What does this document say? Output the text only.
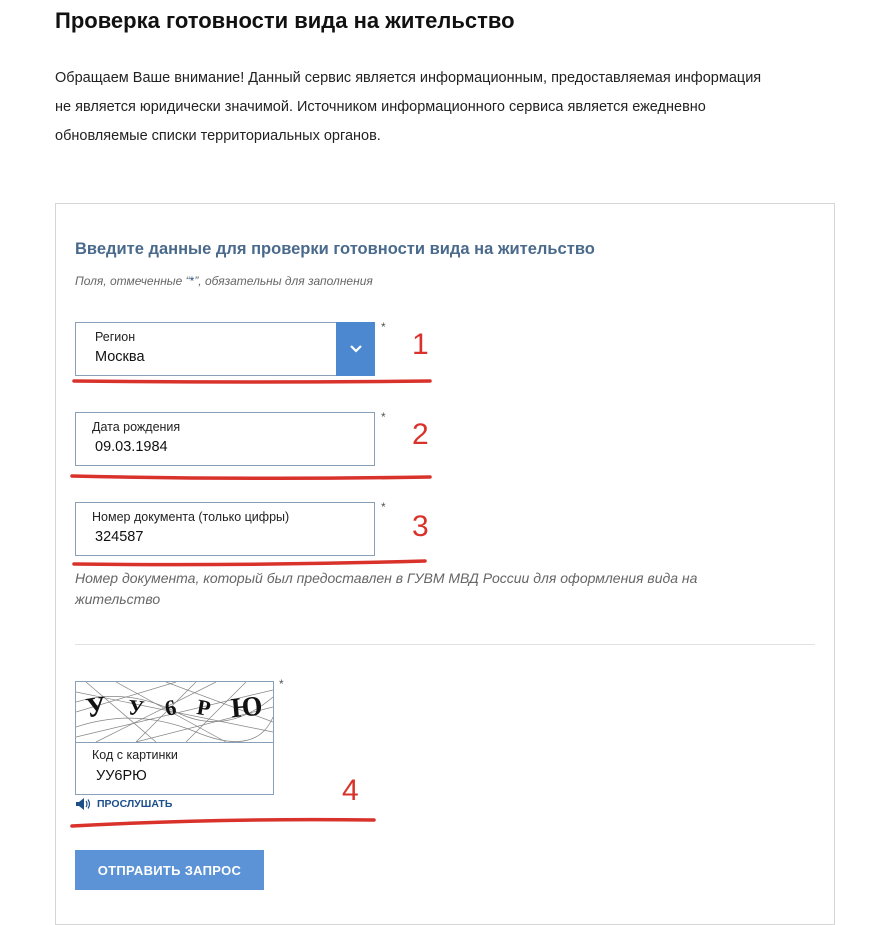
Проверка готовности вида на жительство
Обращаем Ваше внимание! Данный сервис является информационным, предоставляемая информация
не является юридически значимой. Источником информационного сервиса является ежедневно
обновляемые списки территориальных органов.
Введите данные для проверки готовности вида на жительство
Поля, отмеченные “*”, обязательны для заполнения
Регион
Москва
*
Дата рождения
09.03.1984
*
Номер документа (только цифры)
324587
*
Номер документа, который был предоставлен в ГУВМ МВД России для оформления вида на
жительство
У У 6 Р Ю
Код с картинки
УУ6РЮ
*
ПРОСЛУШАТЬ
ОТПРАВИТЬ ЗАПРОС
1
2
3
4
